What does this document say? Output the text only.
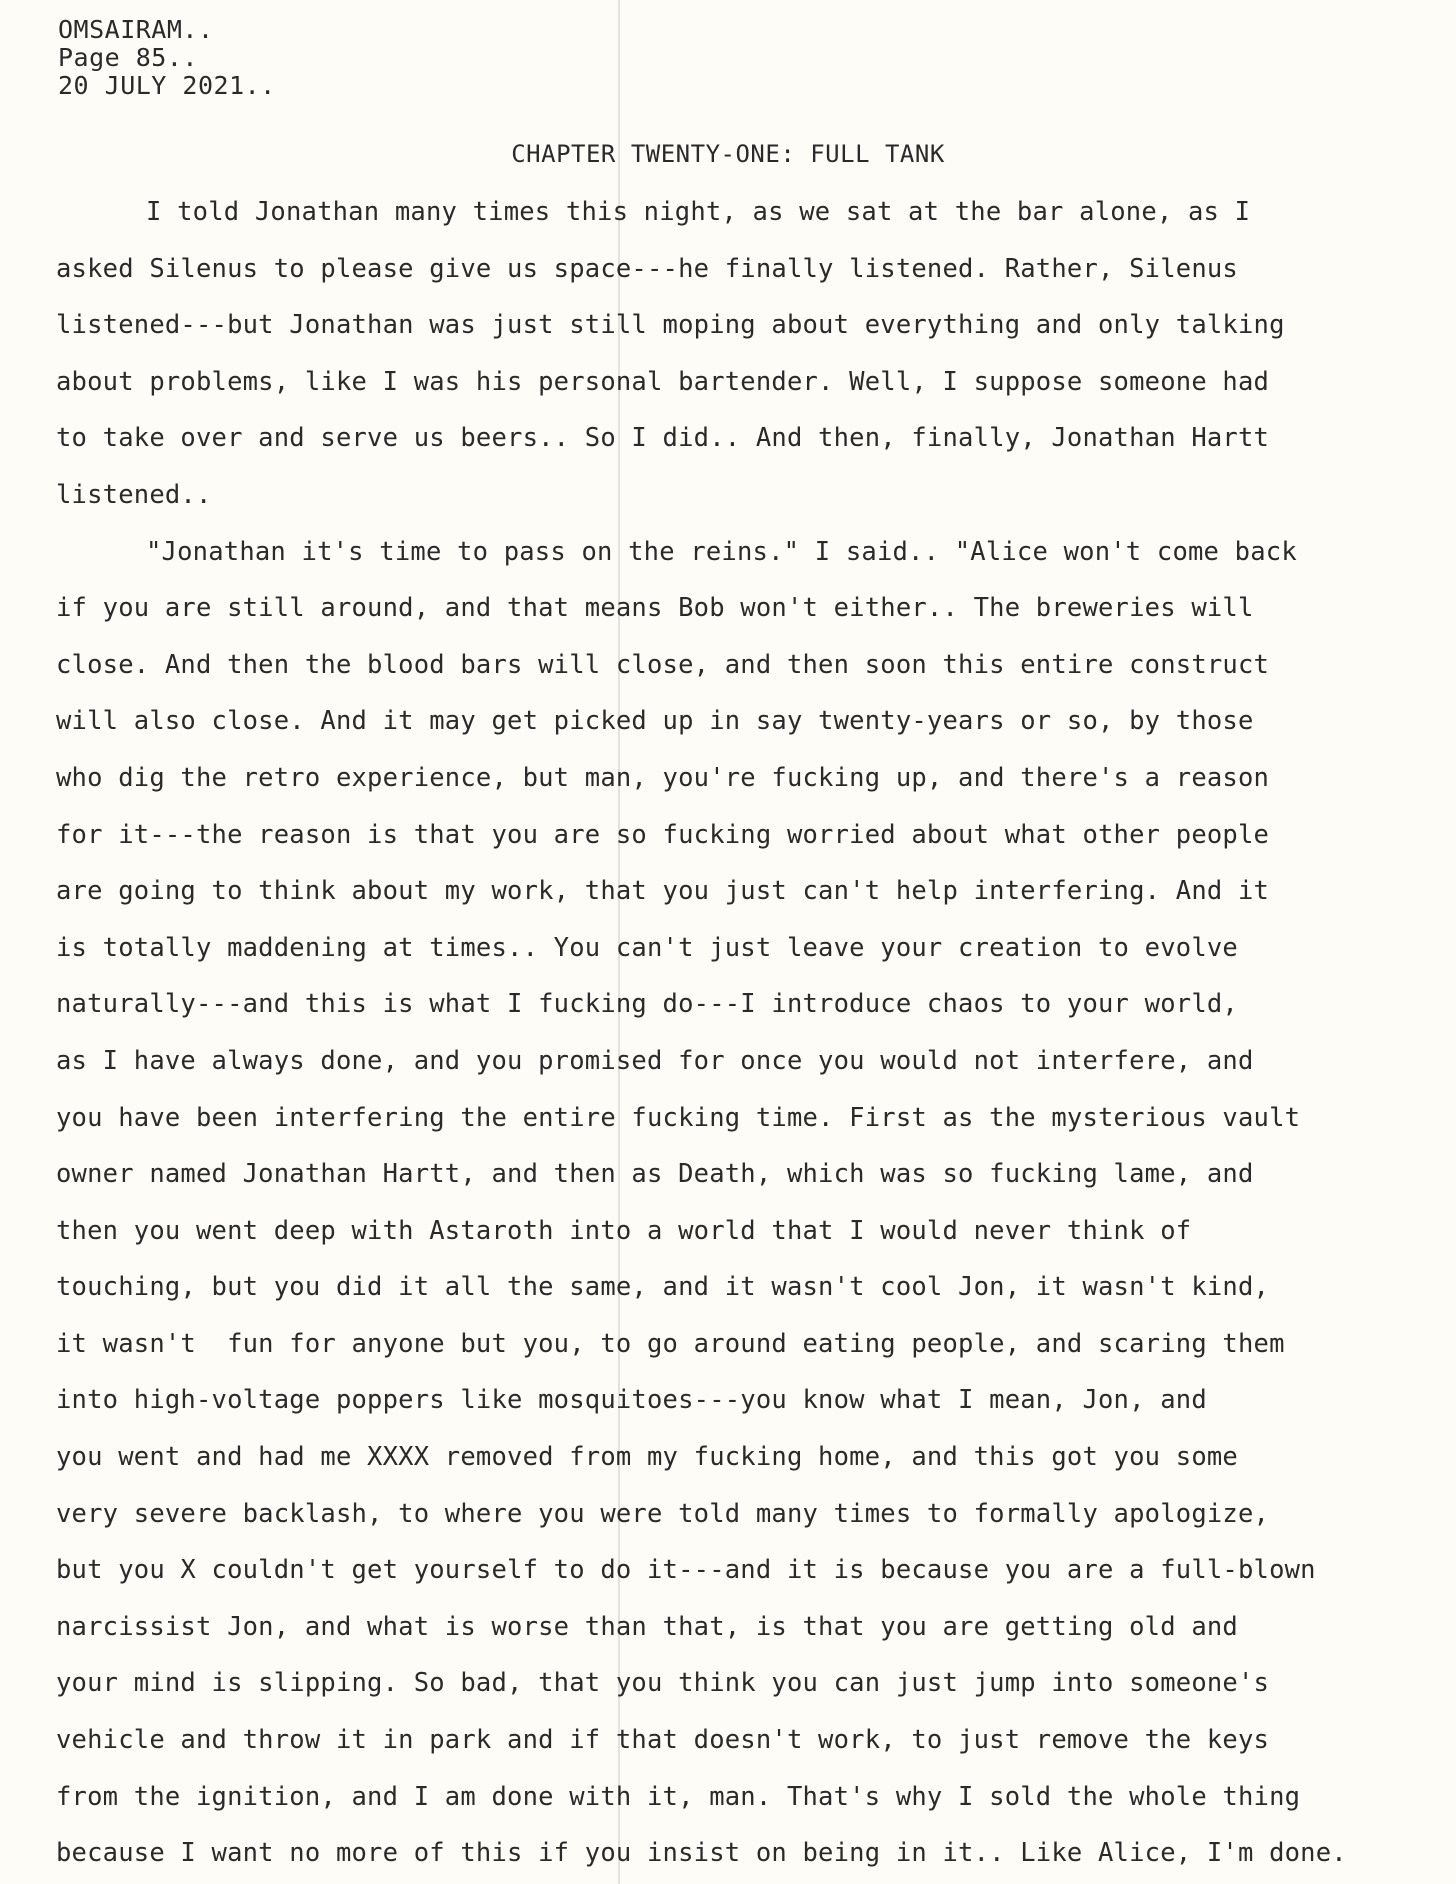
OMSAIRAM..
Page 85..
20 JULY 2021..
CHAPTER TWENTY-ONE: FULL TANK
I told Jonathan many times this night, as we sat at the bar alone, as I
asked Silenus to please give us space---he finally listened. Rather, Silenus
listened---but Jonathan was just still moping about everything and only talking
about problems, like I was his personal bartender. Well, I suppose someone had
to take over and serve us beers.. So I did.. And then, finally, Jonathan Hartt
listened..
"Jonathan it's time to pass on the reins." I said.. "Alice won't come back
if you are still around, and that means Bob won't either.. The breweries will
close. And then the blood bars will close, and then soon this entire construct
will also close. And it may get picked up in say twenty-years or so, by those
who dig the retro experience, but man, you're fucking up, and there's a reason
for it---the reason is that you are so fucking worried about what other people
are going to think about my work, that you just can't help interfering. And it
is totally maddening at times.. You can't just leave your creation to evolve
naturally---and this is what I fucking do---I introduce chaos to your world,
as I have always done, and you promised for once you would not interfere, and
you have been interfering the entire fucking time. First as the mysterious vault
owner named Jonathan Hartt, and then as Death, which was so fucking lame, and
then you went deep with Astaroth into a world that I would never think of
touching, but you did it all the same, and it wasn't cool Jon, it wasn't kind,
it wasn't  fun for anyone but you, to go around eating people, and scaring them
into high-voltage poppers like mosquitoes---you know what I mean, Jon, and
you went and had me XXXX removed from my fucking home, and this got you some
very severe backlash, to where you were told many times to formally apologize,
but you X couldn't get yourself to do it---and it is because you are a full-blown
narcissist Jon, and what is worse than that, is that you are getting old and
your mind is slipping. So bad, that you think you can just jump into someone's
vehicle and throw it in park and if that doesn't work, to just remove the keys
from the ignition, and I am done with it, man. That's why I sold the whole thing
because I want no more of this if you insist on being in it.. Like Alice, I'm done.
